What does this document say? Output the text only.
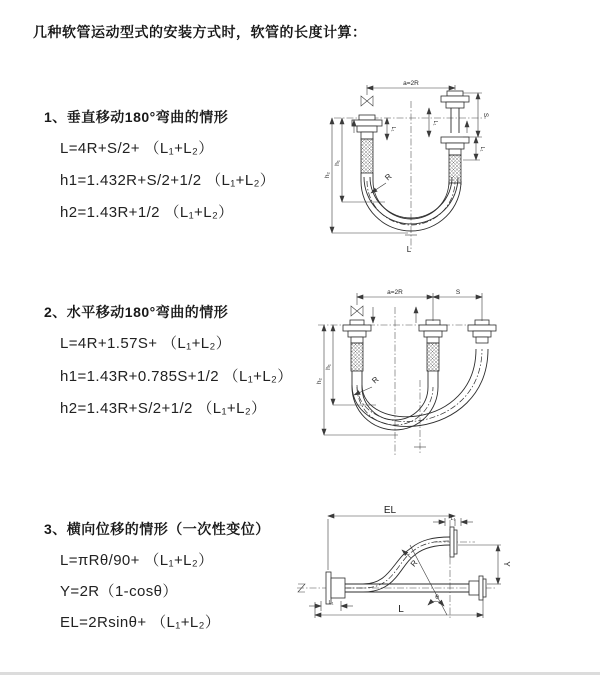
几种软管运动型式的安装方式时，软管的长度计算：
1、垂直移动180°弯曲的情形
L=4R+S/2+ （L₁+L₂）
h1=1.432R+S/2+1/2 （L₁+L₂）
h2=1.43R+1/2 （L₁+L₂）
2、水平移动180°弯曲的情形
L=4R+1.57S+ （L₁+L₂）
h1=1.43R+0.785S+1/2 （L₁+L₂）
h2=1.43R+S/2+1/2 （L₁+L₂）
3、横向位移的情形（一次性变位）
L=πRθ/90+ （L₁+L₂）
Y=2R（1-cosθ）
EL=2Rsinθ+ （L₁+L₂）
a=2R
S
L₁
L₁
L₁
h₂
h₁
R
L
a=2R	S
h₂
h₁
R
EL
L₁
Y
L
L₁
R
θ
